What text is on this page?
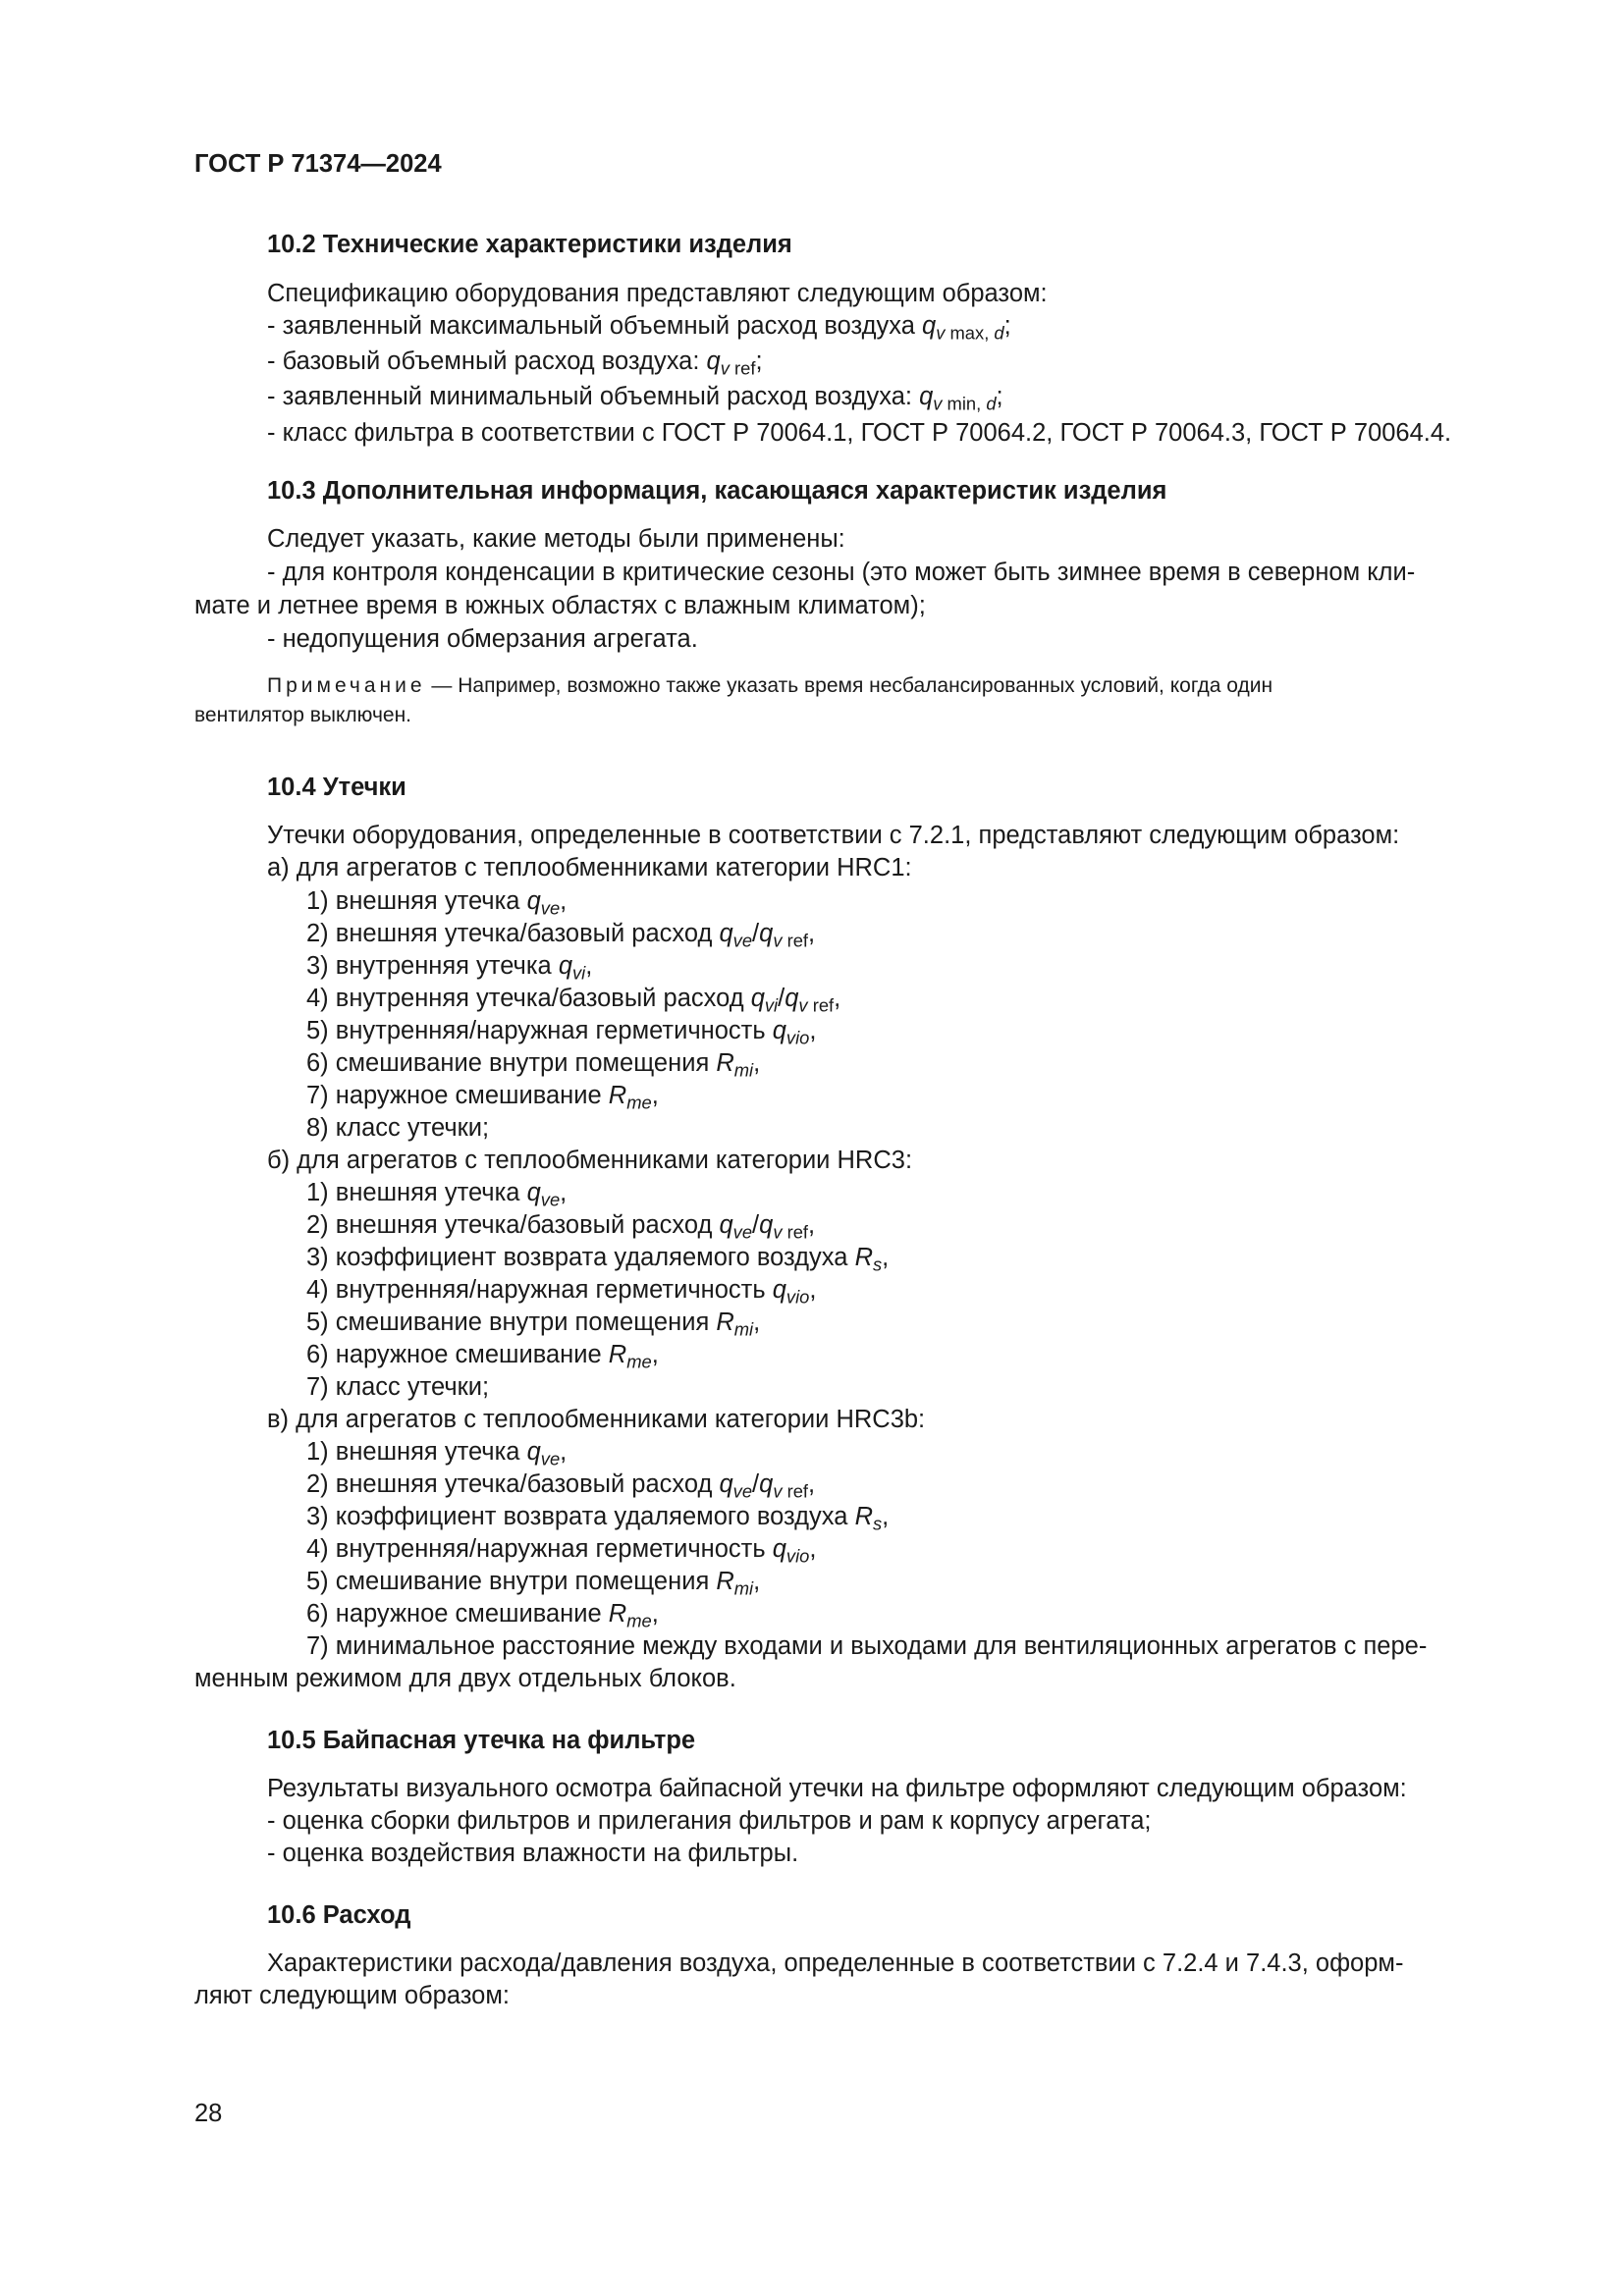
ГОСТ Р 71374—2024
10.2 Технические характеристики изделия
Спецификацию оборудования представляют следующим образом:
- заявленный максимальный объемный расход воздуха $q_{v max, d}$;
- базовый объемный расход воздуха: $q_{v ref}$;
- заявленный минимальный объемный расход воздуха: $q_{v min, d}$;
- класс фильтра в соответствии с ГОСТ Р 70064.1, ГОСТ Р 70064.2, ГОСТ Р 70064.3, ГОСТ Р 70064.4.
10.3 Дополнительная информация, касающаяся характеристик изделия
Следует указать, какие методы были применены:
- для контроля конденсации в критические сезоны (это может быть зимнее время в северном кли-
мате и летнее время в южных областях с влажным климатом);
- недопущения обмерзания агрегата.
Примечание — Например, возможно также указать время несбалансированных условий, когда один
вентилятор выключен.
10.4 Утечки
Утечки оборудования, определенные в соответствии с 7.2.1, представляют следующим образом:
а) для агрегатов с теплообменниками категории HRC1:
1) внешняя утечка $q_{ve}$,
2) внешняя утечка/базовый расход $q_{ve}/q_{v ref}$,
3) внутренняя утечка $q_{vi}$,
4) внутренняя утечка/базовый расход $q_{vi}/q_{v ref}$,
5) внутренняя/наружная герметичность $q_{vio}$,
6) смешивание внутри помещения $R_{mi}$,
7) наружное смешивание $R_{me}$,
8) класс утечки;
б) для агрегатов с теплообменниками категории HRC3:
1) внешняя утечка $q_{ve}$,
2) внешняя утечка/базовый расход $q_{ve}/q_{v ref}$,
3) коэффициент возврата удаляемого воздуха $R_s$,
4) внутренняя/наружная герметичность $q_{vio}$,
5) смешивание внутри помещения $R_{mi}$,
6) наружное смешивание $R_{me}$,
7) класс утечки;
в) для агрегатов с теплообменниками категории HRC3b:
1) внешняя утечка $q_{ve}$,
2) внешняя утечка/базовый расход $q_{ve}/q_{v ref}$,
3) коэффициент возврата удаляемого воздуха $R_s$,
4) внутренняя/наружная герметичность $q_{vio}$,
5) смешивание внутри помещения $R_{mi}$,
6) наружное смешивание $R_{me}$,
7) минимальное расстояние между входами и выходами для вентиляционных агрегатов с пере-
менным режимом для двух отдельных блоков.
10.5 Байпасная утечка на фильтре
Результаты визуального осмотра байпасной утечки на фильтре оформляют следующим образом:
- оценка сборки фильтров и прилегания фильтров и рам к корпусу агрегата;
- оценка воздействия влажности на фильтры.
10.6 Расход
Характеристики расхода/давления воздуха, определенные в соответствии с 7.2.4 и 7.4.3, оформ-
ляют следующим образом:
28
